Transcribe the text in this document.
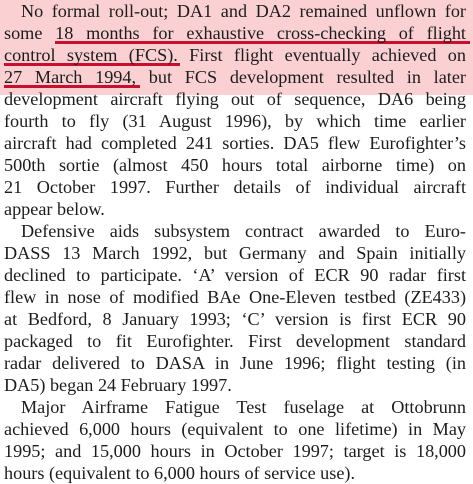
No formal roll-out; DA1 and DA2 remained unflown for
some 18 months for exhaustive cross-checking of flight
control system (FCS). First flight eventually achieved on
27 March 1994, but FCS development resulted in later
development aircraft flying out of sequence, DA6 being
fourth to fly (31 August 1996), by which time earlier
aircraft had completed 241 sorties. DA5 flew Eurofighter’s
500th sortie (almost 450 hours total airborne time) on
21 October 1997. Further details of individual aircraft
appear below.
Defensive aids subsystem contract awarded to Euro-
DASS 13 March 1992, but Germany and Spain initially
declined to participate. ‘A’ version of ECR 90 radar first
flew in nose of modified BAe One-Eleven testbed (ZE433)
at Bedford, 8 January 1993; ‘C’ version is first ECR 90
packaged to fit Eurofighter. First development standard
radar delivered to DASA in June 1996; flight testing (in
DA5) began 24 February 1997.
Major Airframe Fatigue Test fuselage at Ottobrunn
achieved 6,000 hours (equivalent to one lifetime) in May
1995; and 15,000 hours in October 1997; target is 18,000
hours (equivalent to 6,000 hours of service use).
